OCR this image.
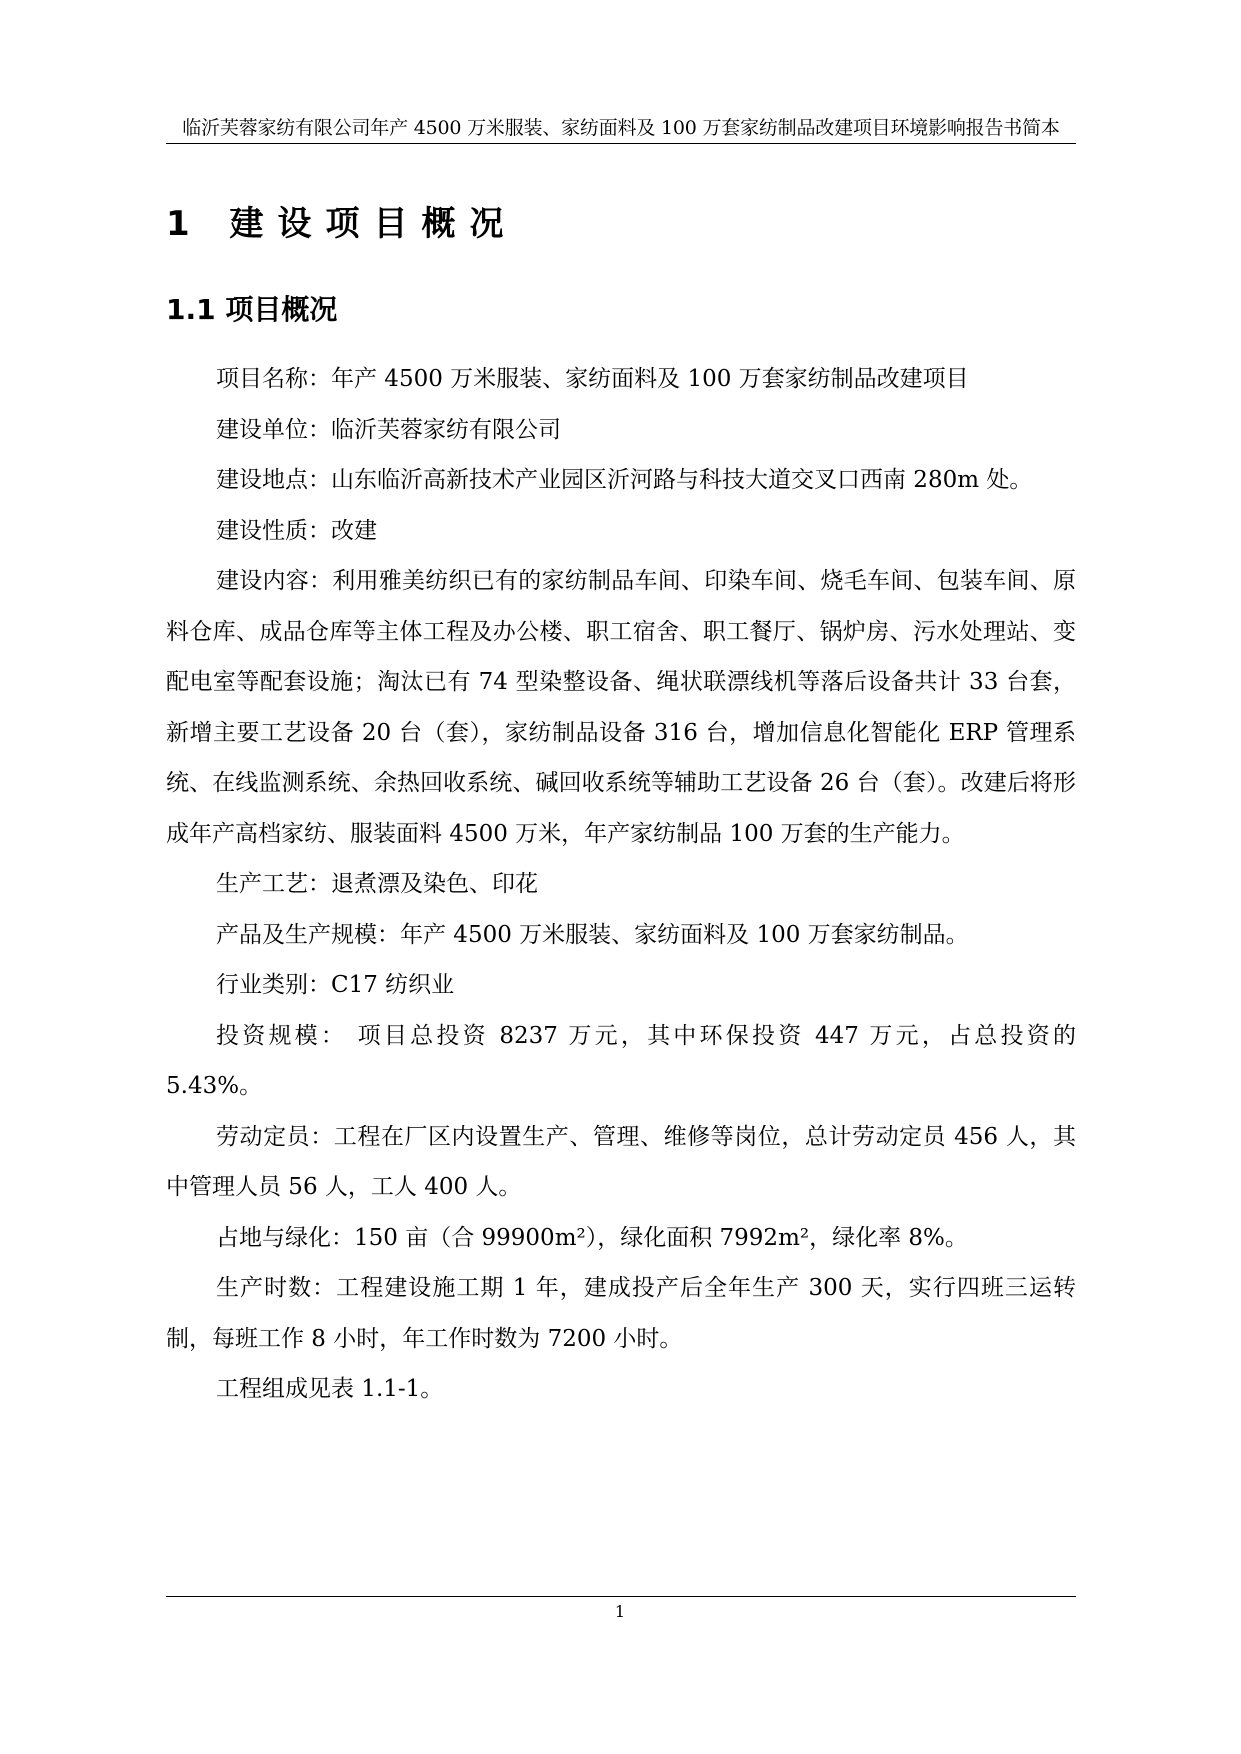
临沂芙蓉家纺有限公司年产 4500 万米服装、家纺面料及 100 万套家纺制品改建项目环境影响报告书简本
1 建设项目概况
1.1 项目概况

项目名称：年产 4500 万米服装、家纺面料及 100 万套家纺制品改建项目

建设单位：临沂芙蓉家纺有限公司

建设地点：山东临沂高新技术产业园区沂河路与科技大道交叉口西南 280m 处。

建设性质：改建

建设内容：利用雅美纺织已有的家纺制品车间、印染车间、烧毛车间、包装车间、原料仓库、成品仓库等主体工程及办公楼、职工宿舍、职工餐厅、锅炉房、污水处理站、变配电室等配套设施；淘汰已有 74 型染整设备、绳状联漂线机等落后设备共计 33 台套，新增主要工艺设备 20 台（套），家纺制品设备 316 台，增加信息化智能化 ERP 管理系统、在线监测系统、余热回收系统、碱回收系统等辅助工艺设备 26 台（套）。改建后将形成年产高档家纺、服装面料 4500 万米，年产家纺制品 100 万套的生产能力。

生产工艺：退煮漂及染色、印花

产品及生产规模：年产 4500 万米服装、家纺面料及 100 万套家纺制品。

行业类别：C17 纺织业

投资规模： 项目总投资 8237 万元，其中环保投资 447 万元，占总投资的 5.43%。

劳动定员：工程在厂区内设置生产、管理、维修等岗位，总计劳动定员 456 人，其中管理人员 56 人，工人 400 人。

占地与绿化：150 亩（合 99900m²），绿化面积 7992m²，绿化率 8%。

生产时数：工程建设施工期 1 年，建成投产后全年生产 300 天，实行四班三运转制，每班工作 8 小时，年工作时数为 7200 小时。

工程组成见表 1.1-1。

1
